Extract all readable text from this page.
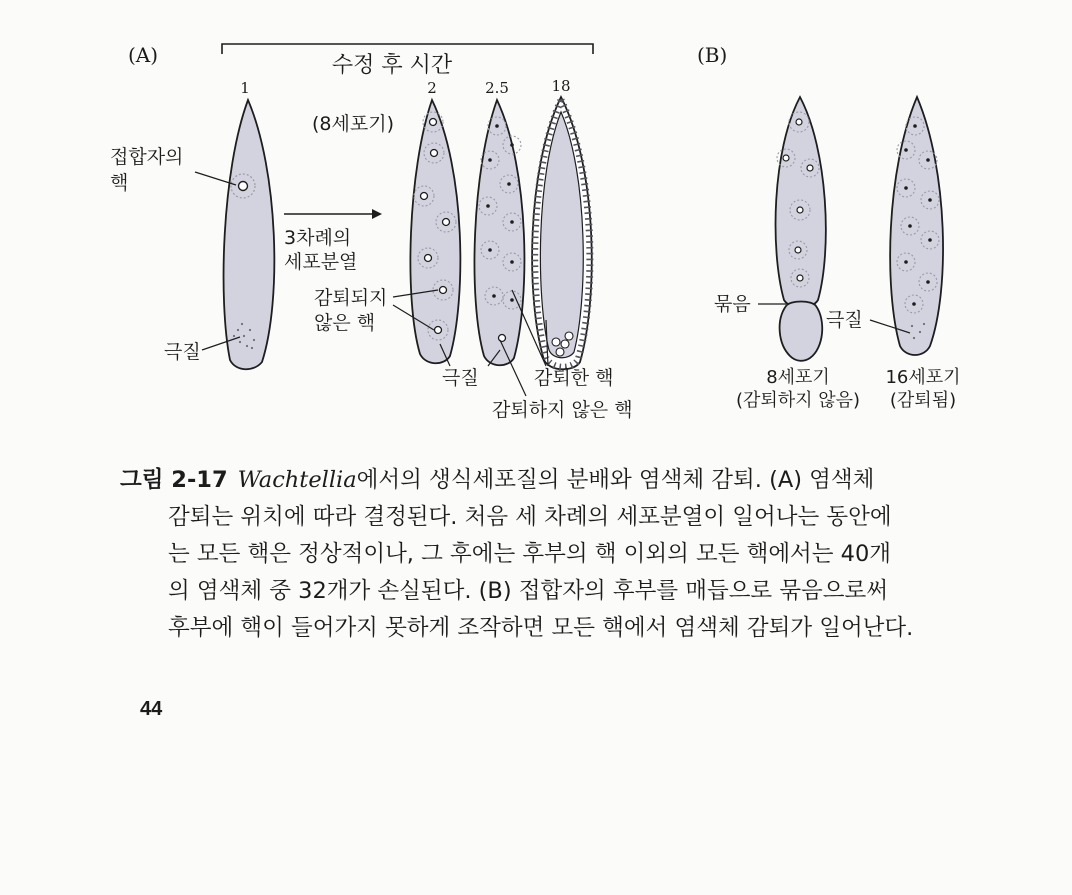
(A)	(B)
수정 후 시간
1	2	2.5	18
접합자의
핵
극질
3차례의
세포분열
(8세포기)
감퇴되지
않은 핵
극질	감퇴한 핵
감퇴하지 않은 핵
묶음
극질
8세포기
(감퇴하지 않음)
16세포기
(감퇴됨)
그림 2-17 Wachtellia에서의 생식세포질의 분배와 염색체 감퇴. (A) 염색체
감퇴는 위치에 따라 결정된다. 처음 세 차례의 세포분열이 일어나는 동안에
는 모든 핵은 정상적이나, 그 후에는 후부의 핵 이외의 모든 핵에서는 40개
의 염색체 중 32개가 손실된다. (B) 접합자의 후부를 매듭으로 묶음으로써
후부에 핵이 들어가지 못하게 조작하면 모든 핵에서 염색체 감퇴가 일어난다.
44
